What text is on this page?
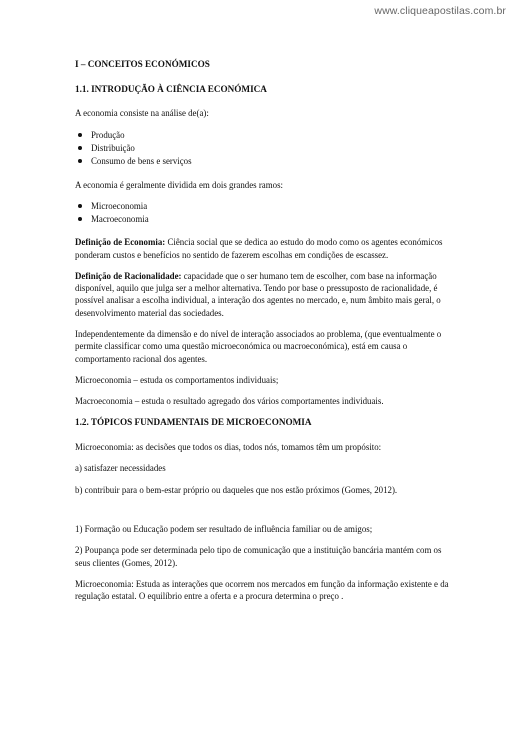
www.cliqueapostilas.com.br
I – CONCEITOS ECONÓMICOS
1.1. INTRODUÇÃO À CIÊNCIA ECONÓMICA
A economia consiste na análise de(a):
Produção
Distribuição
Consumo de bens e serviços
A economia é geralmente dividida em dois grandes ramos:
Microeconomia
Macroeconomia
Definição de Economia: Ciência social que se dedica ao estudo do modo como os agentes económicos ponderam custos e benefícios no sentido de fazerem escolhas em condições de escassez.
Definição de Racionalidade: capacidade que o ser humano tem de escolher, com base na informação disponível, aquilo que julga ser a melhor alternativa. Tendo por base o pressuposto de racionalidade, é possível analisar a escolha individual, a interação dos agentes no mercado, e, num âmbito mais geral, o desenvolvimento material das sociedades.
Independentemente da dimensão e do nível de interação associados ao problema, (que eventualmente o permite classificar como uma questão microeconómica ou macroeconómica), está em causa o comportamento racional dos agentes.
Microeconomia – estuda os comportamentos individuais;
Macroeconomia – estuda o resultado agregado dos vários comportamentes individuais.
1.2. TÓPICOS FUNDAMENTAIS DE MICROECONOMIA
Microeconomia: as decisões que todos os dias, todos nós, tomamos têm um propósito:
a) satisfazer necessidades
b) contribuir para o bem-estar próprio ou daqueles que nos estão próximos (Gomes, 2012).
1) Formação ou Educação podem ser resultado de influência familiar ou de amigos;
2) Poupança pode ser determinada pelo tipo de comunicação que a instituição bancária mantém com os seus clientes (Gomes, 2012).
Microeconomia: Estuda as interações que ocorrem nos mercados em função da informação existente e da regulação estatal. O equilíbrio entre a oferta e a procura determina o preço .
